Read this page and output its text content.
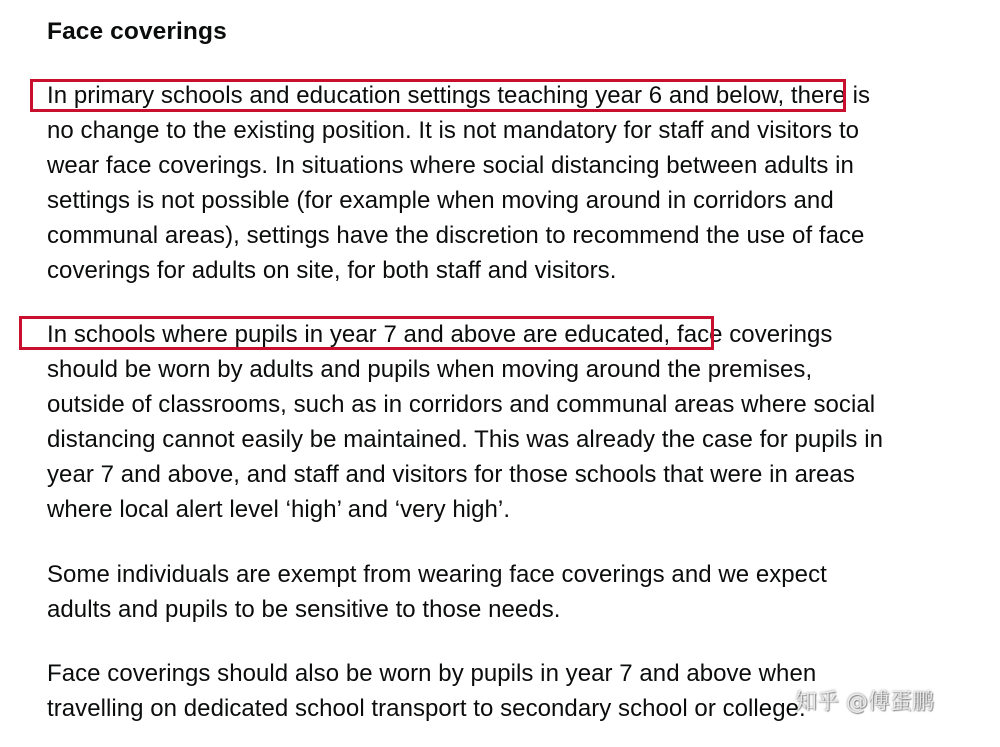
Face coverings

In primary schools and education settings teaching year 6 and below, there is
no change to the existing position. It is not mandatory for staff and visitors to
wear face coverings. In situations where social distancing between adults in
settings is not possible (for example when moving around in corridors and
communal areas), settings have the discretion to recommend the use of face
coverings for adults on site, for both staff and visitors.

In schools where pupils in year 7 and above are educated, face coverings
should be worn by adults and pupils when moving around the premises,
outside of classrooms, such as in corridors and communal areas where social
distancing cannot easily be maintained. This was already the case for pupils in
year 7 and above, and staff and visitors for those schools that were in areas
where local alert level ‘high’ and ‘very high’.

Some individuals are exempt from wearing face coverings and we expect
adults and pupils to be sensitive to those needs.

Face coverings should also be worn by pupils in year 7 and above when
travelling on dedicated school transport to secondary school or college.

知乎 @傅蛋鹏
